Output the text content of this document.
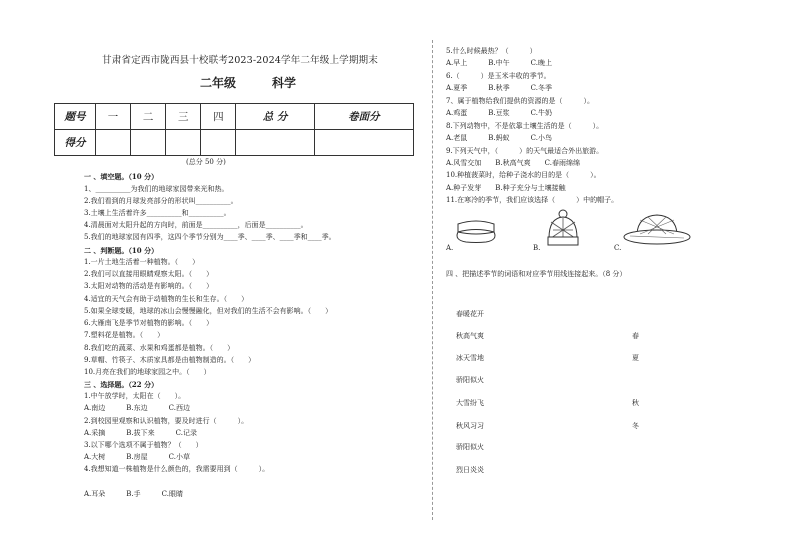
甘肃省定西市陇西县十校联考2023-2024学年二年级上学期期末
二年级	科学
题号	一	二	三	四	总 分	卷面分
得分						
(总分 50 分)
一 、填空题。（10 分）
1、__________为我们的地球家园带来光和热。
2.我们看到的月球发亮部分的形状叫__________。
3.土壤上生活着许多__________和__________。
4.清晨面对太阳升起的方向时，前面是__________，后面是__________。
5.我们的地球家园有四季，这四个季节分别为____季、____季、____季和____季。
二 、判断题。（10 分）
1.一片土地生活着一种植物。（　　）
2.我们可以直接用眼睛观察太阳。（　　）
3.太阳对动物的活动是有影响的。（　　）
4.适宜的天气会有助于动植物的生长和生存。（　　）
5.如果全球变暖，地球的冰山会慢慢融化，但对我们的生活不会有影响。（　　）
6.大雁南飞是季节对植物的影响。（　　）
7.塑料花是植物。（　　）
8.我们吃的蔬菜、水果和鸡蛋都是植物。（　　）
9.草帽、竹筷子、木质家具都是由植物制造的。（　　）
10.月亮在我们的地球家园之中。（　　）
三 、选择题。（22 分）
1.中午放学时，太阳在（　　）。
A.南边　　　B.东边　　　C.西边
2.到校园里观察和认识植物，要及时进行（　　　）。
A.采摘　　　B.拔下来　　　C.记录
3.以下哪个选项不属于植物？（　　）
A.大树　　　B.房屋　　　C.小草
4.我想知道一株植物是什么颜色的，我需要用到（　　　）。
A.耳朵　　　B.手　　　C.眼睛
5.什么时候最热？（　　　）
A.早上　　　B.中午　　　C.晚上
6.（　　　）是玉米丰收的季节。
A.夏季　　　B.秋季　　　C.冬季
7、属于植物给我们提供的资源的是（　　　）。
A.鸡蛋　　　B.豆浆　　　C.牛奶
8.下列动物中，不是依靠土壤生活的是（　　　）。
A.老鼠　　　B.蚂蚁　　　C.小鸟
9.下列天气中，（　　　）的天气最适合外出旅游。
A.风雪交加　　B.秋高气爽　　C.春雨绵绵
10.种植菠菜时，给种子浇水的目的是（　　　）。
A.种子发芽　　B.种子充分与土壤接触
11.在寒冷的季节，我们应该选择（　　　）中的帽子。
A.	B.	C.
四 、把描述季节的词语和对应季节用线连接起来。（8 分）
春暖花开
秋高气爽
冰天雪地
骄阳似火
大雪纷飞
秋风习习
骄阳似火
烈日炎炎
春
夏
秋
冬
